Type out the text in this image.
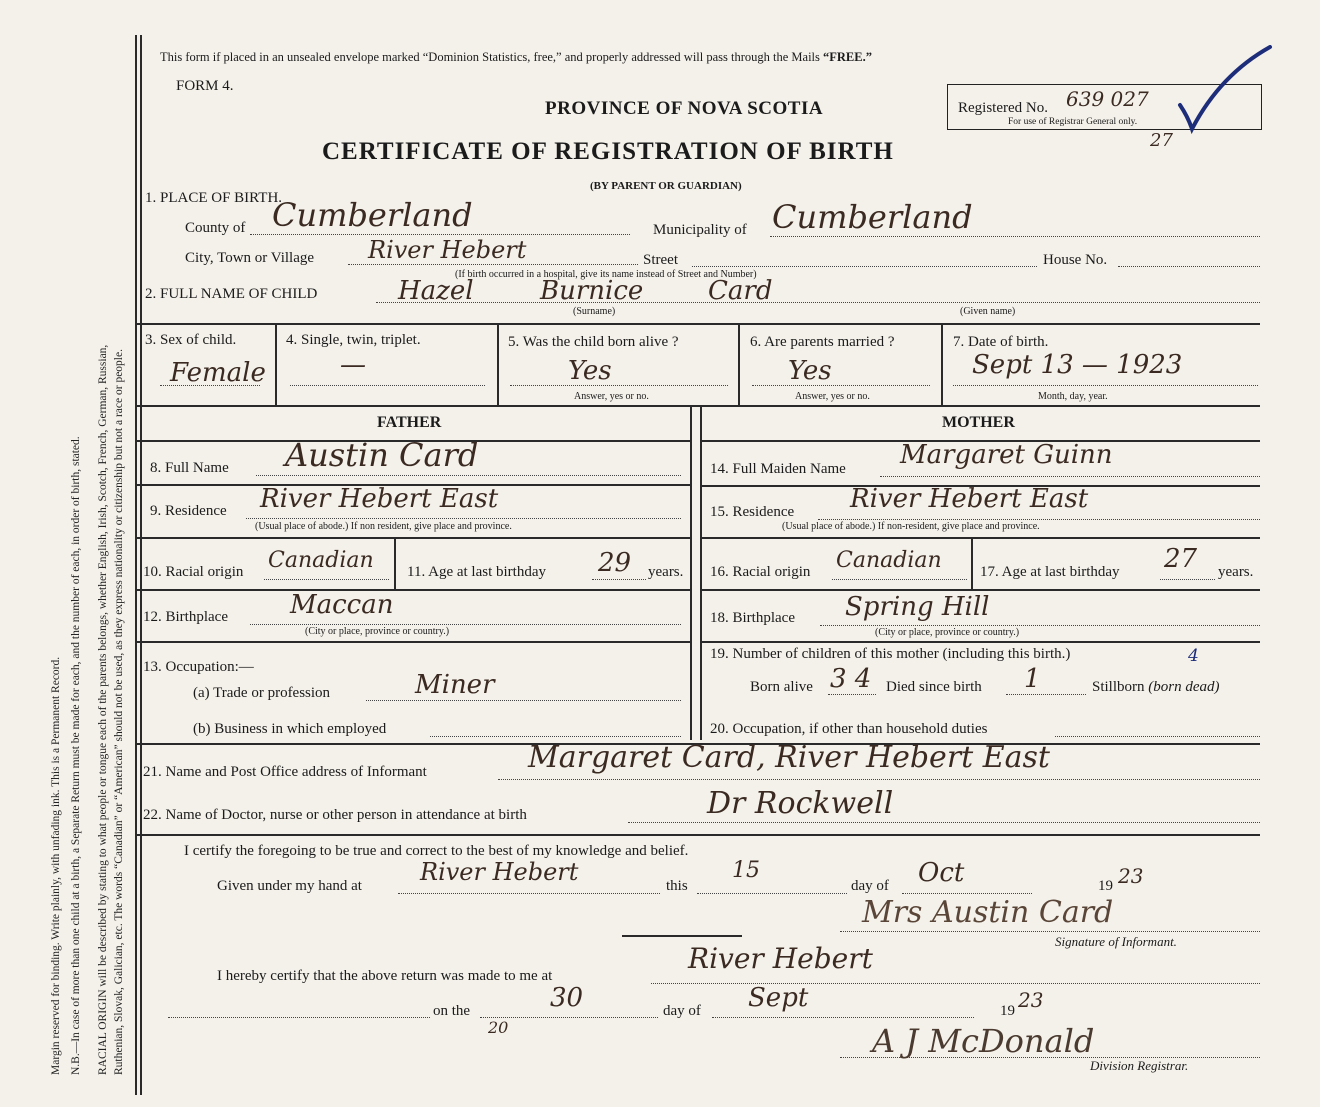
Margin reserved for binding. Write plainly, with unfading ink. This is a Permanent Record. N.B.—In case of more than one child at a birth, a Separate Return must be made for each, and the number of each, in order of birth, stated. RACIAL ORIGIN will be described by stating to what people or tongue each of the parents belongs, whether English, Irish, Scotch, French, German, Russian, Ruthenian, Slovak, Galician, etc. The words “Canadian” or “American” should not be used, as they express nationality or citizenship but not a race or people.
This form if placed in an unsealed envelope marked “Dominion Statistics, free,” and properly addressed will pass through the Mails “FREE.”
FORM 4.
PROVINCE OF NOVA SCOTIA
CERTIFICATE OF REGISTRATION OF BIRTH
(BY PARENT OR GUARDIAN)
Registered No. 639 027
For use of Registrar General only.
27
1. PLACE OF BIRTH.
County of Cumberland	Municipality of Cumberland
City, Town or Village River Hebert	Street	House No.
(If birth occurred in a hospital, give its name instead of Street and Number)
2. FULL NAME OF CHILD	Hazel	Burnice Card
(Surname)	(Given name)
3. Sex of child.
Female
4. Single, twin, triplet.
—
5. Was the child born alive ?
Yes
Answer, yes or no.
6. Are parents married ?
Yes
Answer, yes or no.
7. Date of birth.
Sept 13 — 1923
Month, day, year.
FATHER	MOTHER
8. Full Name Austin Card
9. Residence River Hebert East
(Usual place of abode.) If non resident, give place and province.
10. Racial origin Canadian 11. Age at last birthday 29 years.
12. Birthplace Maccan
(City or place, province or country.)
13. Occupation:—
(a) Trade or profession	Miner
(b) Business in which employed
14. Full Maiden Name Margaret Guinn
15. Residence River Hebert East
(Usual place of abode.) If non-resident, give place and province.
16. Racial origin Canadian	17. Age at last birthday 27 years.
18. Birthplace Spring Hill
(City or place, province or country.)
19. Number of children of this mother (including this birth.)	4
Born alive 3 4 Died since birth 1	Stillborn (born dead)
20. Occupation, if other than household duties
21. Name and Post Office address of Informant	Margaret Card, River Hebert East
22. Name of Doctor, nurse or other person in attendance at birth	Dr Rockwell
I certify the foregoing to be true and correct to the best of my knowledge and belief.
Given under my hand at River Hebert	this
15
day of Oct	19 23
Mrs Austin Card
Signature of Informant.
I hereby certify that the above return was made to me at
River Hebert
on the	30
20
day of Sept	19 23
A J McDonald
Division Registrar.
